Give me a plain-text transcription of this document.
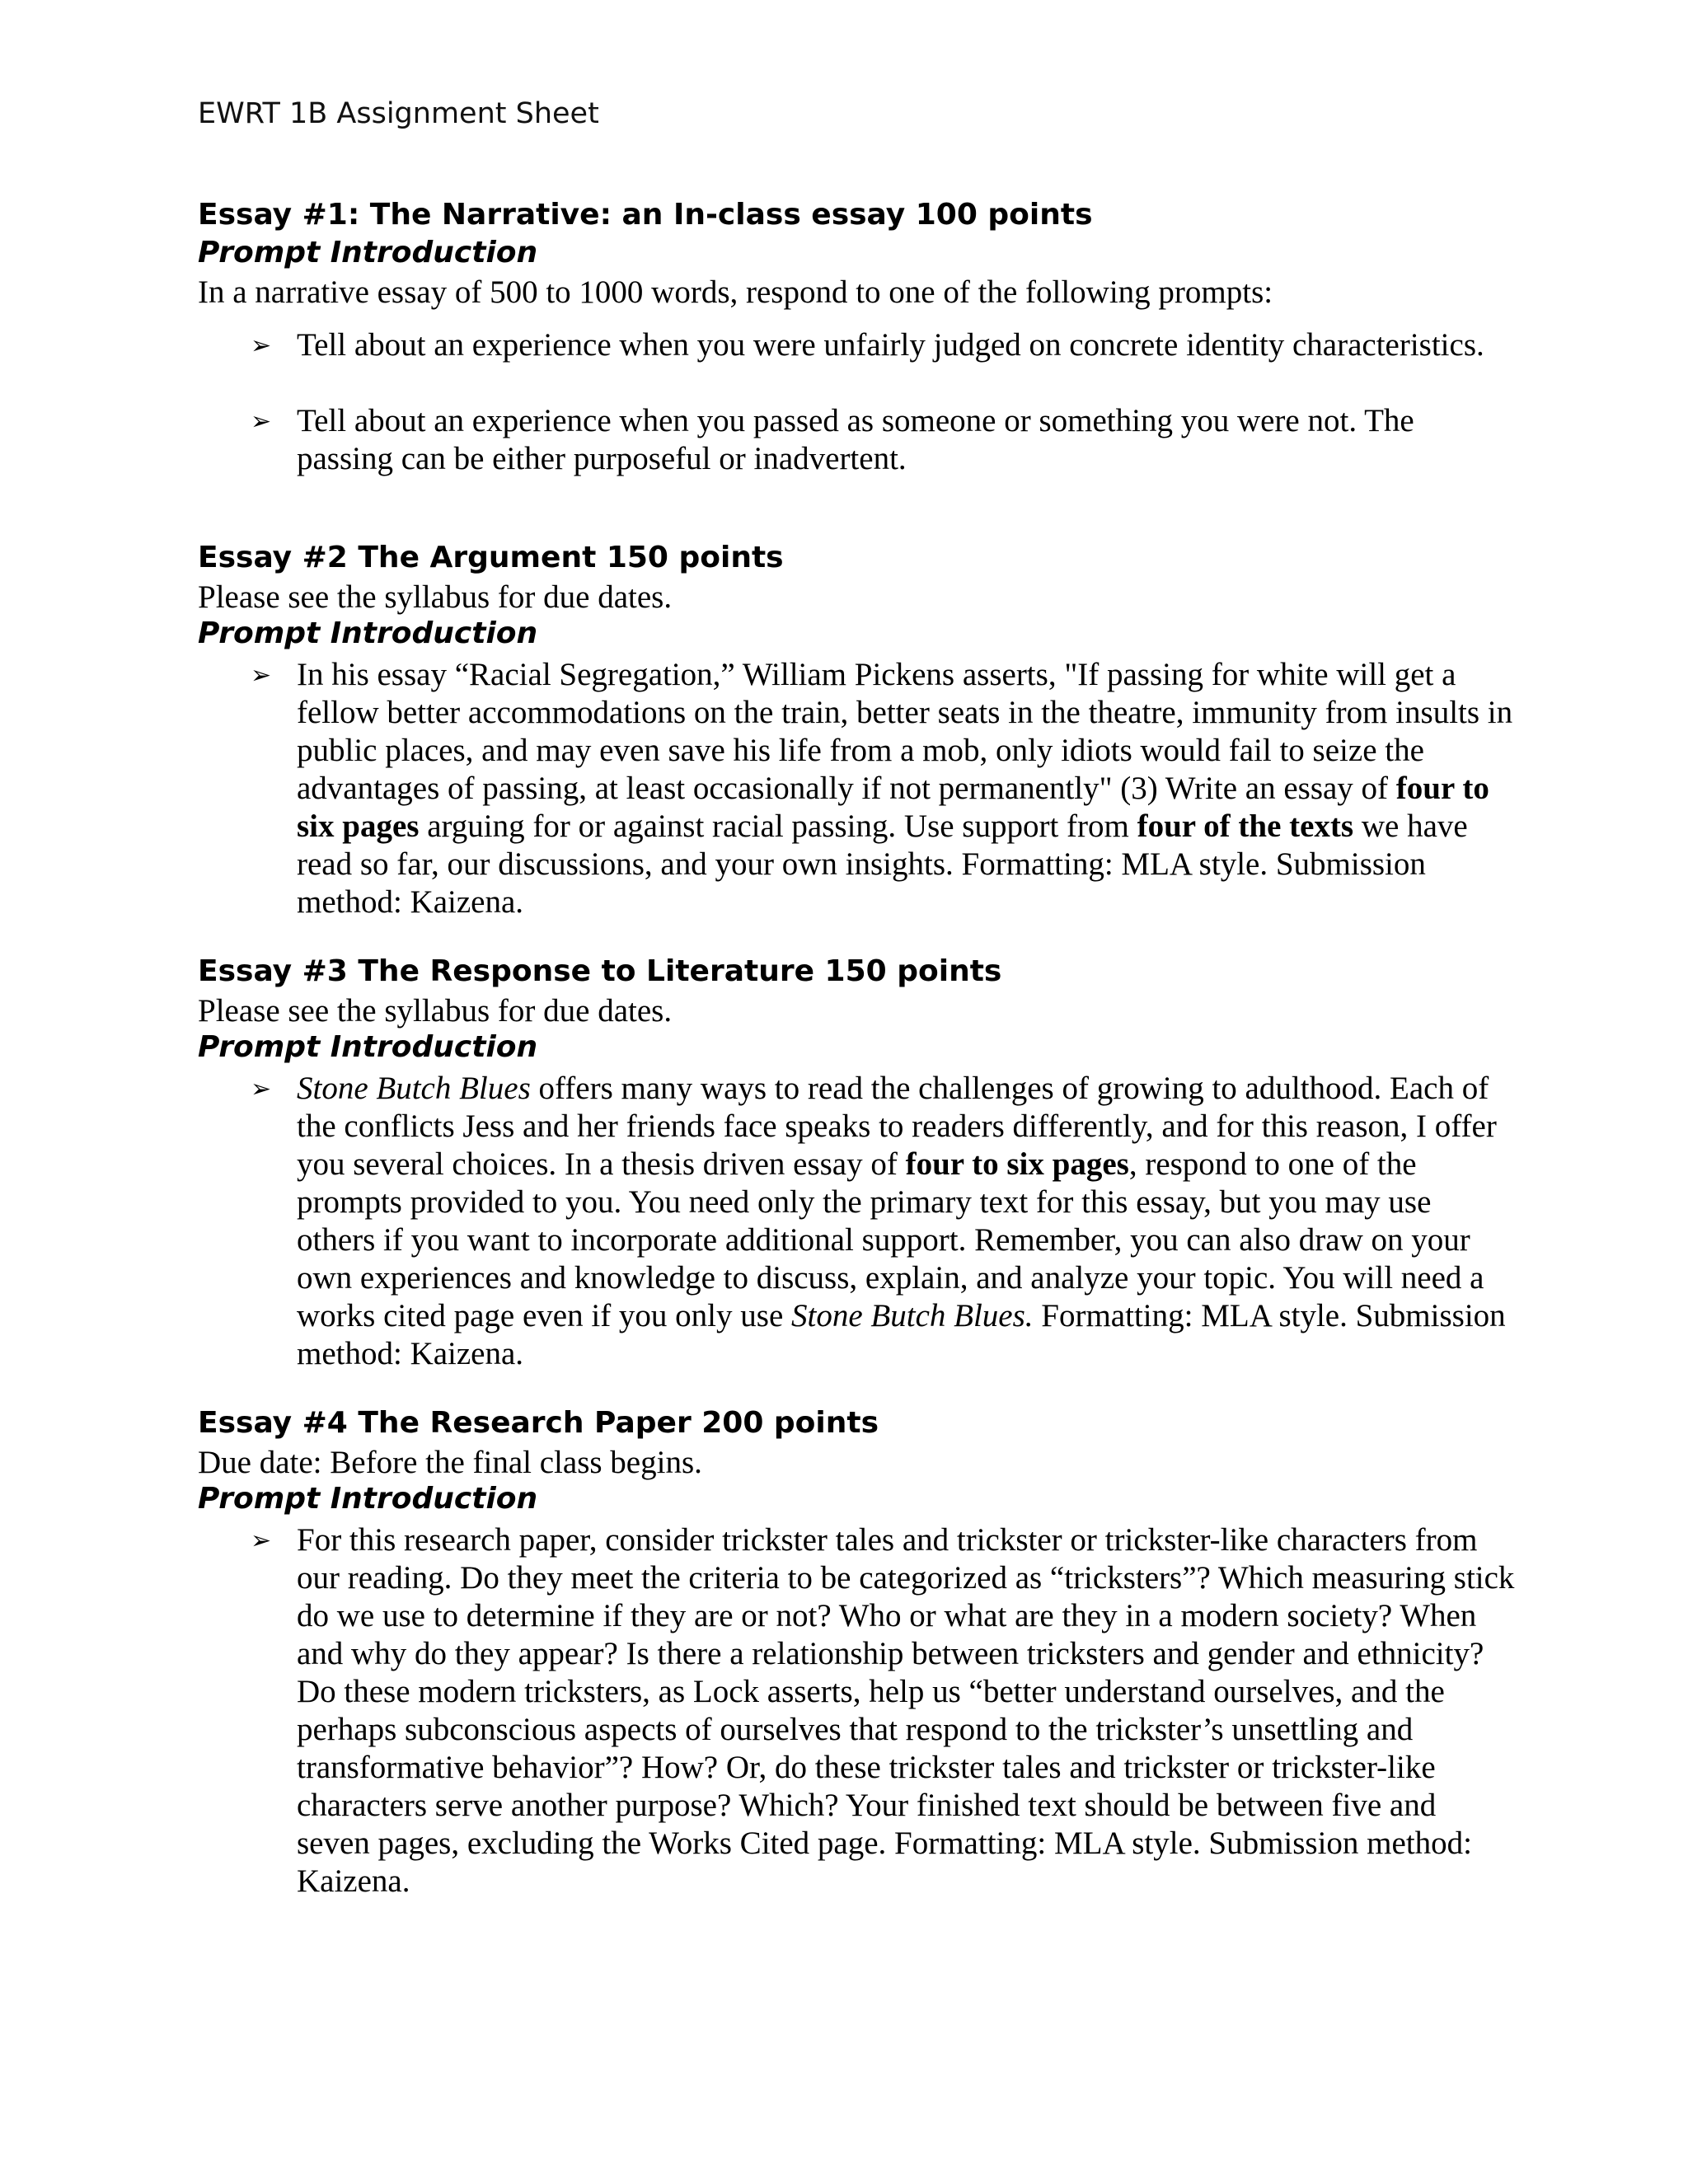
EWRT 1B Assignment Sheet
Essay #1: The Narrative: an In-class essay 100 points
Prompt Introduction
In a narrative essay of 500 to 1000 words, respond to one of the following prompts:
➢ Tell about an experience when you were unfairly judged on concrete identity characteristics.
➢ Tell about an experience when you passed as someone or something you were not. The passing can be either purposeful or inadvertent.
Essay #2 The Argument 150 points
Please see the syllabus for due dates.
Prompt Introduction
➢ In his essay “Racial Segregation,” William Pickens asserts, "If passing for white will get a fellow better accommodations on the train, better seats in the theatre, immunity from insults in public places, and may even save his life from a mob, only idiots would fail to seize the advantages of passing, at least occasionally if not permanently" (3) Write an essay of four to six pages arguing for or against racial passing. Use support from four of the texts we have read so far, our discussions, and your own insights. Formatting: MLA style. Submission method: Kaizena.
Essay #3 The Response to Literature 150 points
Please see the syllabus for due dates.
Prompt Introduction
➢ Stone Butch Blues offers many ways to read the challenges of growing to adulthood. Each of the conflicts Jess and her friends face speaks to readers differently, and for this reason, I offer you several choices. In a thesis driven essay of four to six pages, respond to one of the prompts provided to you. You need only the primary text for this essay, but you may use others if you want to incorporate additional support. Remember, you can also draw on your own experiences and knowledge to discuss, explain, and analyze your topic. You will need a works cited page even if you only use Stone Butch Blues. Formatting: MLA style. Submission method: Kaizena.
Essay #4 The Research Paper 200 points
Due date: Before the final class begins.
Prompt Introduction
➢ For this research paper, consider trickster tales and trickster or trickster-like characters from our reading. Do they meet the criteria to be categorized as “tricksters”? Which measuring stick do we use to determine if they are or not? Who or what are they in a modern society? When and why do they appear? Is there a relationship between tricksters and gender and ethnicity? Do these modern tricksters, as Lock asserts, help us “better understand ourselves, and the perhaps subconscious aspects of ourselves that respond to the trickster’s unsettling and transformative behavior”? How? Or, do these trickster tales and trickster or trickster-like characters serve another purpose? Which? Your finished text should be between five and seven pages, excluding the Works Cited page. Formatting: MLA style. Submission method: Kaizena.
